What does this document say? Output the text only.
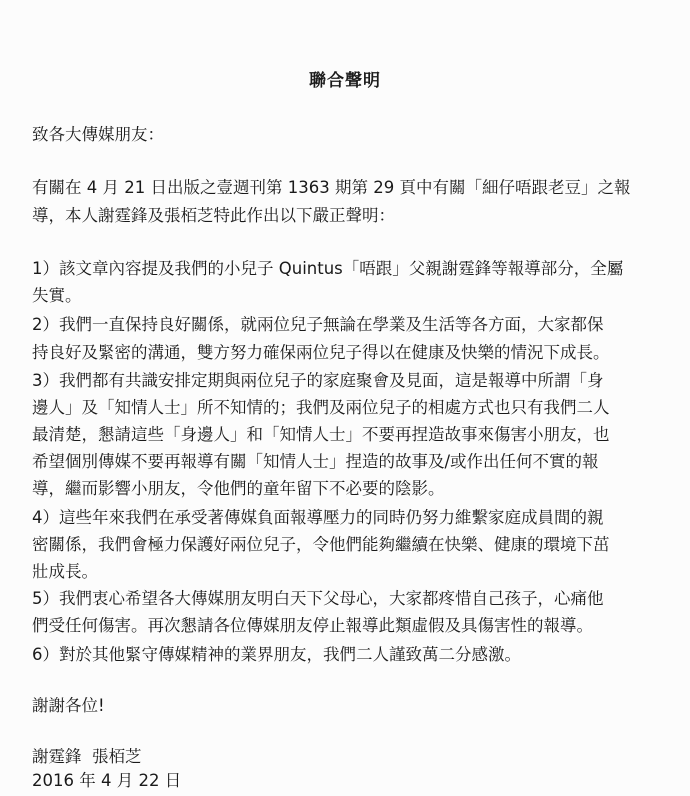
聯合聲明
致各大傳媒朋友：
有關在 4 月 21 日出版之壹週刊第 1363 期第 29 頁中有關「細仔唔跟老豆」之報
導，本人謝霆鋒及張栢芝特此作出以下嚴正聲明：
1）該文章內容提及我們的小兒子 Quintus「唔跟」父親謝霆鋒等報導部分，全屬
失實。
2）我們一直保持良好關係，就兩位兒子無論在學業及生活等各方面，大家都保
持良好及緊密的溝通，雙方努力確保兩位兒子得以在健康及快樂的情況下成長。
3）我們都有共識安排定期與兩位兒子的家庭聚會及見面，這是報導中所謂「身
邊人」及「知情人士」所不知情的；我們及兩位兒子的相處方式也只有我們二人
最清楚，懇請這些「身邊人」和「知情人士」不要再捏造故事來傷害小朋友，也
希望個別傳媒不要再報導有關「知情人士」捏造的故事及/或作出任何不實的報
導，繼而影響小朋友，令他們的童年留下不必要的陰影。
4）這些年來我們在承受著傳媒負面報導壓力的同時仍努力維繫家庭成員間的親
密關係，我們會極力保護好兩位兒子，令他們能夠繼續在快樂、健康的環境下茁
壯成長。
5）我們衷心希望各大傳媒朋友明白天下父母心，大家都疼惜自己孩子，心痛他
們受任何傷害。再次懇請各位傳媒朋友停止報導此類虛假及具傷害性的報導。
6）對於其他緊守傳媒精神的業界朋友，我們二人謹致萬二分感激。
謝謝各位!
謝霆鋒  張栢芝
2016 年 4 月 22 日
